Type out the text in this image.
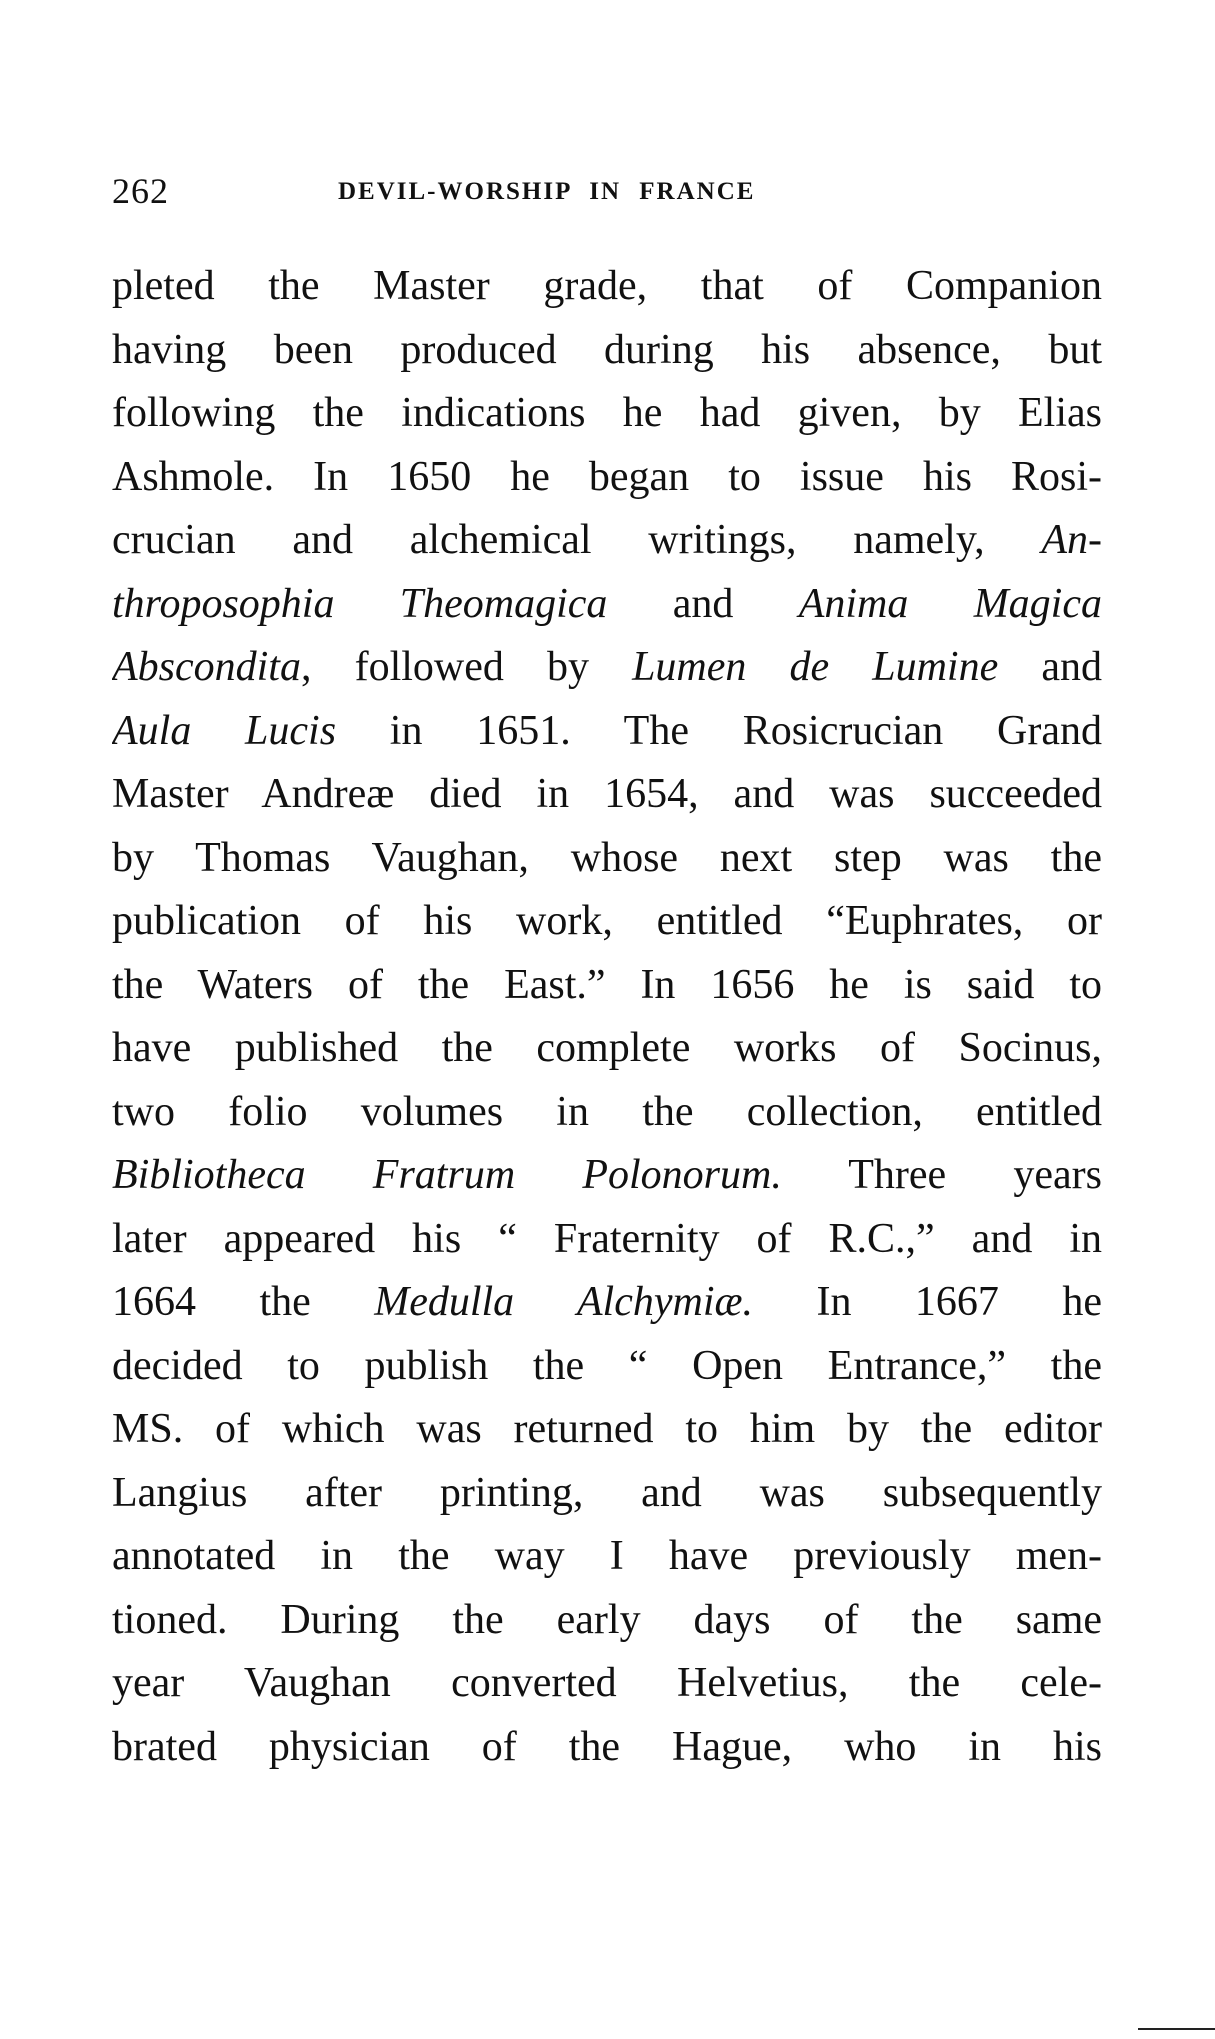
262	DEVIL-WORSHIP IN FRANCE
pleted the Master grade, that of Companion
having been produced during his absence, but
following the indications he had given, by Elias
Ashmole. In 1650 he began to issue his Rosi-
crucian and alchemical writings, namely, An-
throposophia Theomagica and Anima Magica
Abscondita, followed by Lumen de Lumine and
Aula Lucis in 1651. The Rosicrucian Grand
Master Andreæ died in 1654, and was succeeded
by Thomas Vaughan, whose next step was the
publication of his work, entitled “Euphrates, or
the Waters of the East.” In 1656 he is said to
have published the complete works of Socinus,
two folio volumes in the collection, entitled
Bibliotheca Fratrum Polonorum. Three years
later appeared his “ Fraternity of R.C.,” and in
1664 the Medulla Alchymiæ. In 1667 he
decided to publish the “ Open Entrance,” the
MS. of which was returned to him by the editor
Langius after printing, and was subsequently
annotated in the way I have previously men-
tioned. During the early days of the same
year Vaughan converted Helvetius, the cele-
brated physician of the Hague, who in his
